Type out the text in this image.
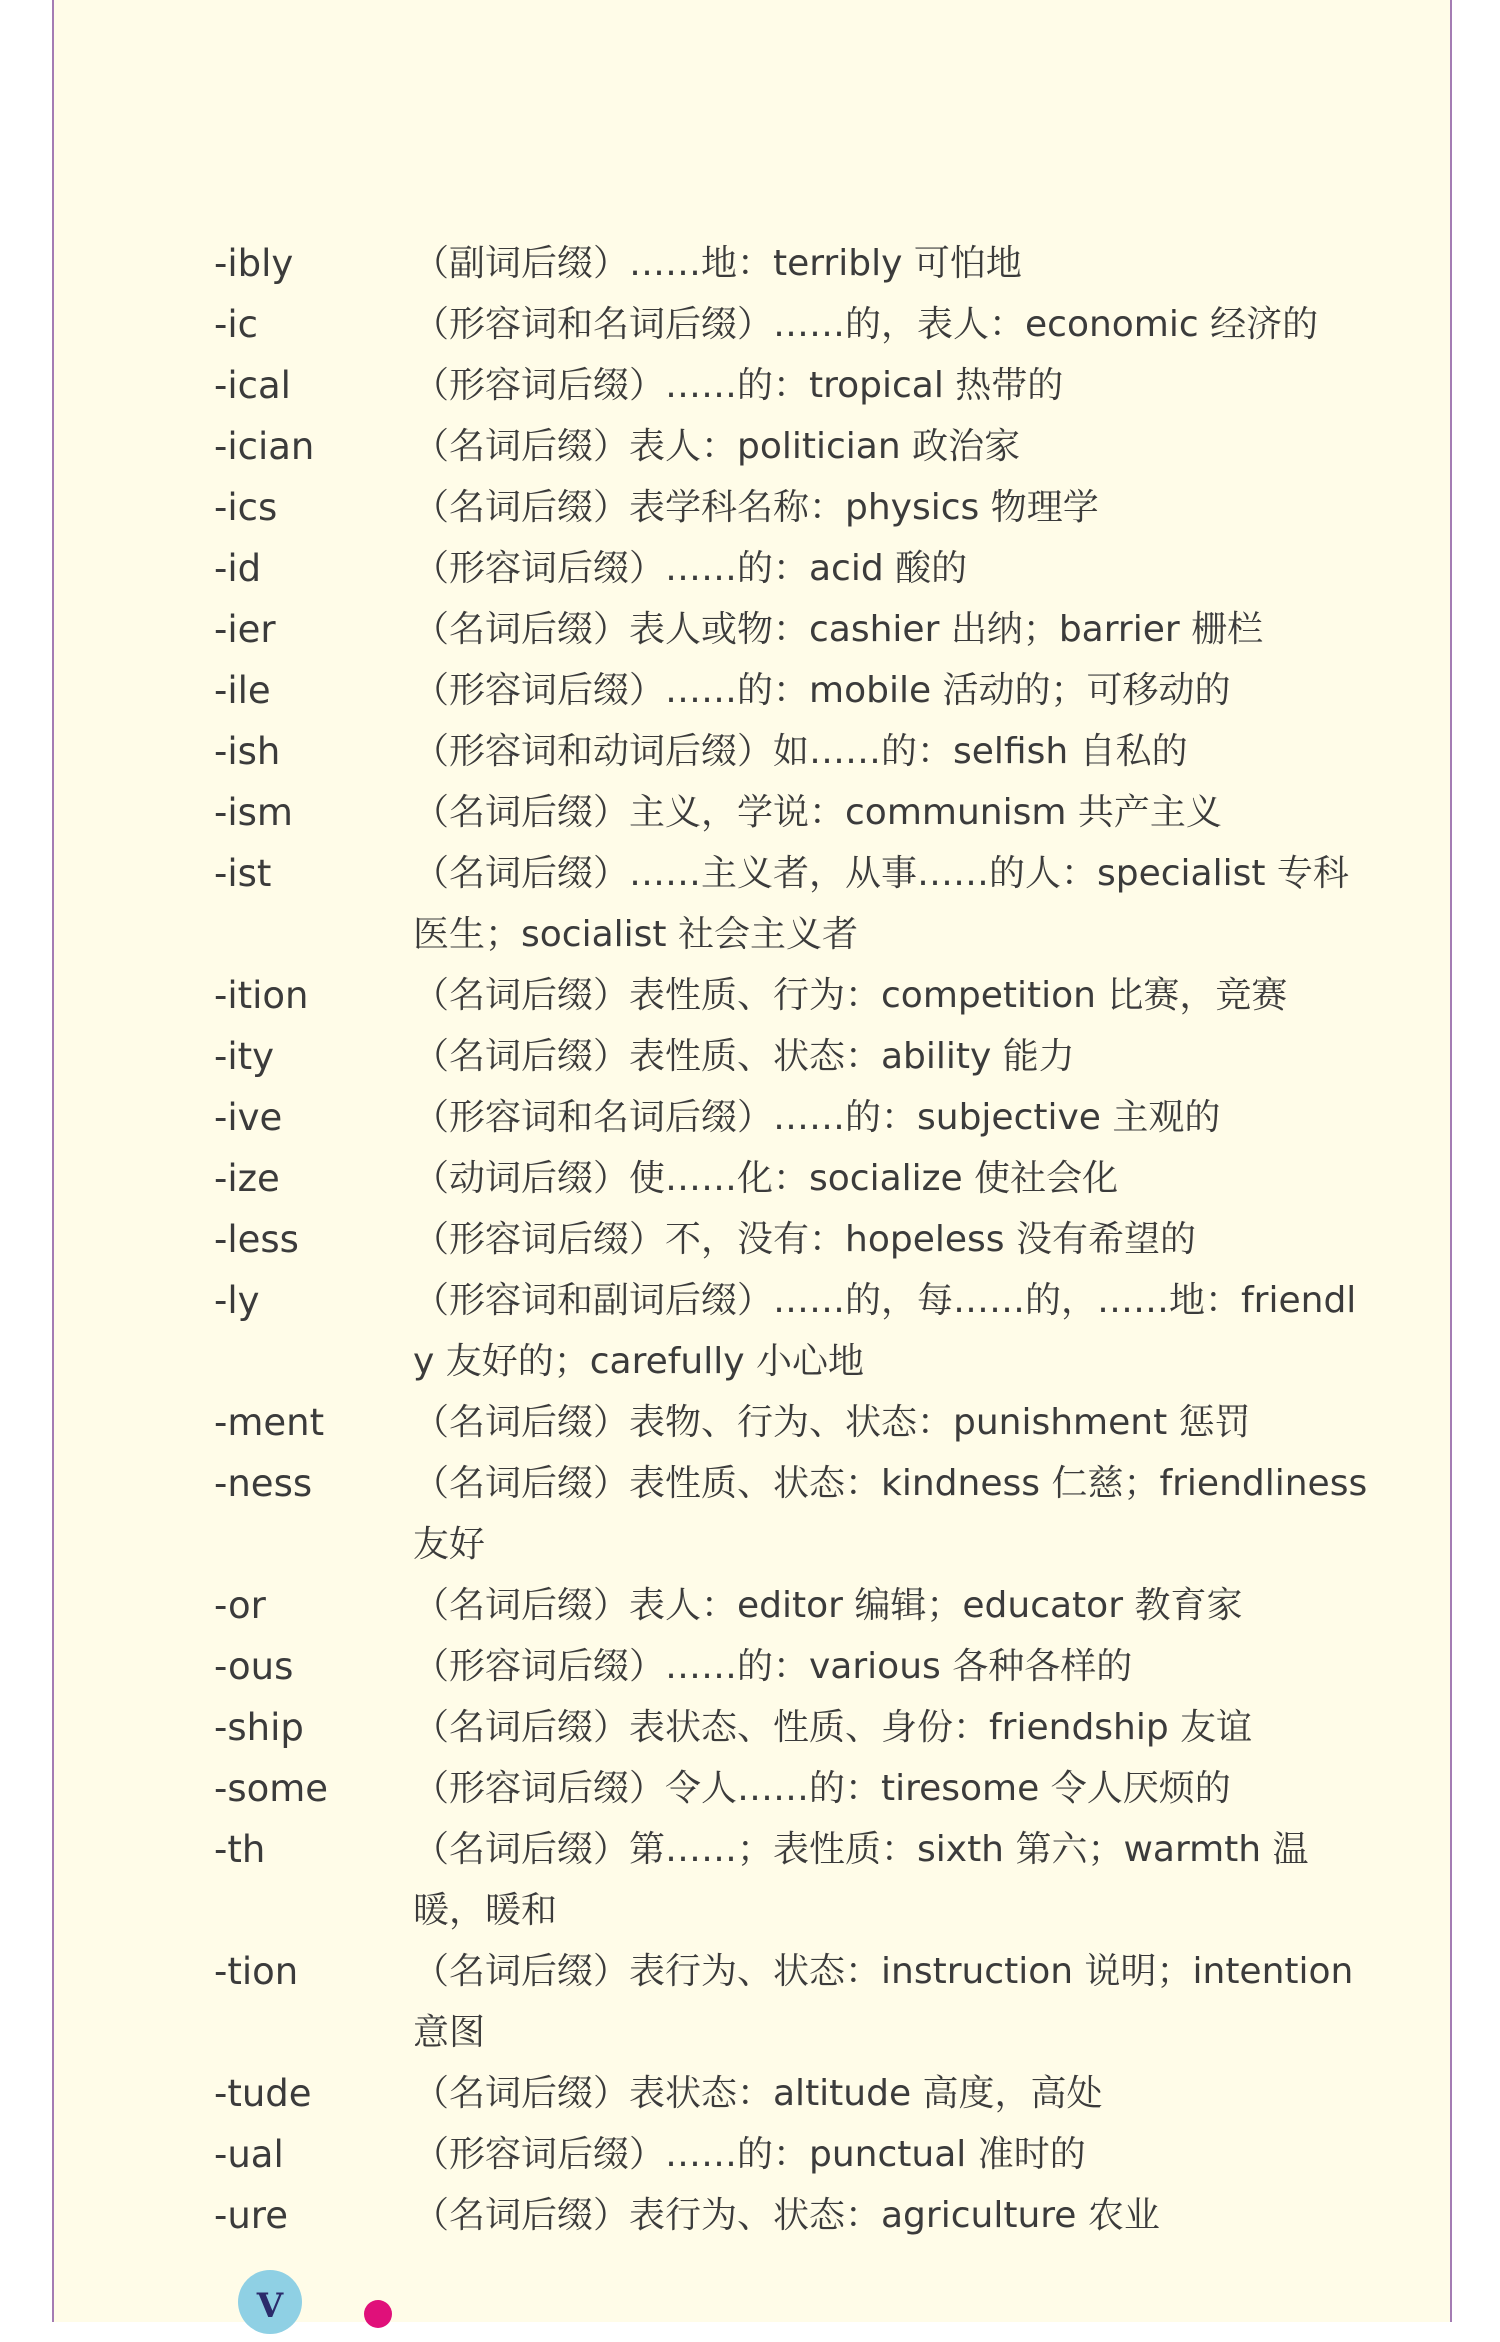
-ibly	（副词后缀）……地：terribly 可怕地
-ic	（形容词和名词后缀）……的，表人：economic 经济的
-ical	（形容词后缀）……的：tropical 热带的
-ician	（名词后缀）表人：politician 政治家
-ics	（名词后缀）表学科名称：physics 物理学
-id	（形容词后缀）……的：acid 酸的
-ier	（名词后缀）表人或物：cashier 出纳；barrier 栅栏
-ile	（形容词后缀）……的：mobile 活动的；可移动的
-ish	（形容词和动词后缀）如……的：selfish 自私的
-ism	（名词后缀）主义，学说：communism 共产主义
-ist	（名词后缀）……主义者，从事……的人：specialist 专科医生；socialist 社会主义者
-ition	（名词后缀）表性质、行为：competition 比赛，竞赛
-ity	（名词后缀）表性质、状态：ability 能力
-ive	（形容词和名词后缀）……的：subjective 主观的
-ize	（动词后缀）使……化：socialize 使社会化
-less	（形容词后缀）不，没有：hopeless 没有希望的
-ly	（形容词和副词后缀）……的，每……的，……地：friendly 友好的；carefully 小心地
-ment	（名词后缀）表物、行为、状态：punishment 惩罚
-ness	（名词后缀）表性质、状态：kindness 仁慈；friendliness 友好
-or	（名词后缀）表人：editor 编辑；educator 教育家
-ous	（形容词后缀）……的：various 各种各样的
-ship	（名词后缀）表状态、性质、身份：friendship 友谊
-some	（形容词后缀）令人……的：tiresome 令人厌烦的
-th	（名词后缀）第……；表性质：sixth 第六；warmth 温暖，暖和
-tion	（名词后缀）表行为、状态：instruction 说明；intention 意图
-tude	（名词后缀）表状态：altitude 高度，高处
-ual	（形容词后缀）……的：punctual 准时的
-ure	（名词后缀）表行为、状态：agriculture 农业
V
